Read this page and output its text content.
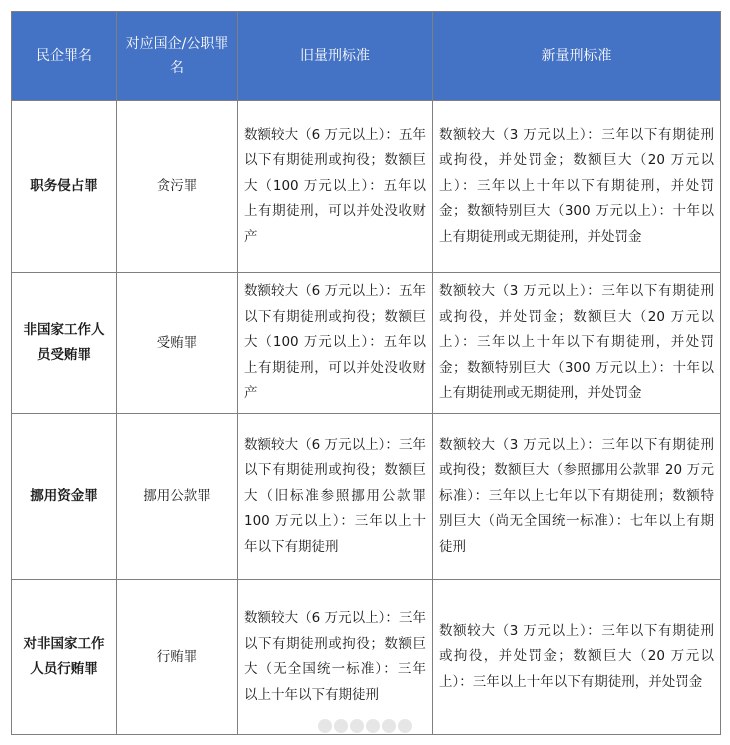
民企罪名	对应国企/公职罪名	旧量刑标准	新量刑标准
职务侵占罪	贪污罪	数额较大（6 万元以上）：五年以下有期徒刑或拘役；数额巨大（100 万元以上）：五年以上有期徒刑，可以并处没收财产	数额较大（3 万元以上）：三年以下有期徒刑或拘役，并处罚金；数额巨大（20 万元以上）：三年以上十年以下有期徒刑，并处罚金；数额特别巨大（300 万元以上）：十年以上有期徒刑或无期徒刑，并处罚金
非国家工作人员受贿罪	受贿罪	数额较大（6 万元以上）：五年以下有期徒刑或拘役；数额巨大（100 万元以上）：五年以上有期徒刑，可以并处没收财产	数额较大（3 万元以上）：三年以下有期徒刑或拘役，并处罚金；数额巨大（20 万元以上）：三年以上十年以下有期徒刑，并处罚金；数额特别巨大（300 万元以上）：十年以上有期徒刑或无期徒刑，并处罚金
挪用资金罪	挪用公款罪	数额较大（6 万元以上）：三年以下有期徒刑或拘役；数额巨大（旧标准参照挪用公款罪 100 万元以上）：三年以上十年以下有期徒刑	数额较大（3 万元以上）：三年以下有期徒刑或拘役；数额巨大（参照挪用公款罪 20 万元标准）：三年以上七年以下有期徒刑；数额特别巨大（尚无全国统一标准）：七年以上有期徒刑
对非国家工作人员行贿罪	行贿罪	数额较大（6 万元以上）：三年以下有期徒刑或拘役；数额巨大（无全国统一标准）：三年以上十年以下有期徒刑	数额较大（3 万元以上）：三年以下有期徒刑或拘役，并处罚金；数额巨大（20 万元以上）：三年以上十年以下有期徒刑，并处罚金
